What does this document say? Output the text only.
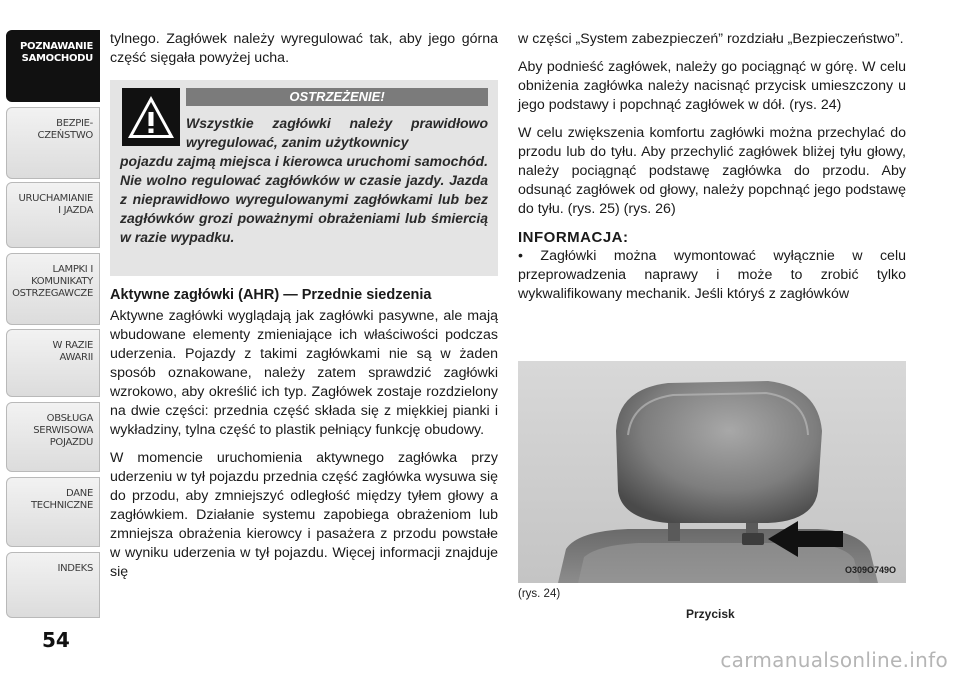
POZNAWANIE
SAMOCHODU
BEZPIE-
CZEŃSTWO
URUCHAMIANIE
I JAZDA
LAMPKI I
KOMUNIKATY
OSTRZEGAWCZE
W RAZIE
AWARII
OBSŁUGA
SERWISOWA
POJAZDU
DANE
TECHNICZNE
INDEKS
54

tylnego. Zagłówek należy wyregulować tak, aby jego górna część sięgała powyżej ucha.

OSTRZEŻENIE!
Wszystkie zagłówki należy prawidłowo wyregulować, zanim użytkownicy
pojazdu zajmą miejsca i kierowca uruchomi samochód. Nie wolno regulować zagłówków w czasie jazdy. Jazda z nieprawidłowo wyregulowanymi zagłówkami lub bez zagłówków grozi poważnymi obrażeniami lub śmiercią w razie wypadku.
Aktywne zagłówki (AHR) — Przednie siedzenia

Aktywne zagłówki wyglądają jak zagłówki pasywne, ale mają wbudowane elementy zmieniające ich właściwości podczas uderzenia. Pojazdy z takimi zagłówkami nie są w żaden sposób oznakowane, należy zatem sprawdzić zagłówki wzrokowo, aby określić ich typ. Zagłówek zostaje rozdzielony na dwie części: przednia część składa się z miękkiej pianki i wykładziny, tylna część to plastik pełniący funkcję obudowy.

W momencie uruchomienia aktywnego zagłówka przy uderzeniu w tył pojazdu przednia część zagłówka wysuwa się do przodu, aby zmniejszyć odległość między tyłem głowy a zagłówkiem. Działanie systemu zapobiega obrażeniom lub zmniejsza obrażenia kierowcy i pasażera z przodu powstałe w wyniku uderzenia w tył pojazdu. Więcej informacji znajduje się

w części „System zabezpieczeń” rozdziału „Bezpieczeństwo”.

Aby podnieść zagłówek, należy go pociągnąć w górę. W celu obniżenia zagłówka należy nacisnąć przycisk umieszczony u jego podstawy i popchnąć zagłówek w dół. (rys. 24)

W celu zwiększenia komfortu zagłówki można przechylać do przodu lub do tyłu. Aby przechylić zagłówek bliżej tyłu głowy, należy pociągnąć podstawę zagłówka do przodu. Aby odsunąć zagłówek od głowy, należy popchnąć jego podstawę do tyłu. (rys. 25) (rys. 26)

INFORMACJA:

• Zagłówki można wymontować wyłącznie w celu przeprowadzenia naprawy i może to zrobić tylko wykwalifikowany mechanik. Jeśli któryś z zagłówków

O309O749O
(rys. 24)
Przycisk
carmanualsonline.info
